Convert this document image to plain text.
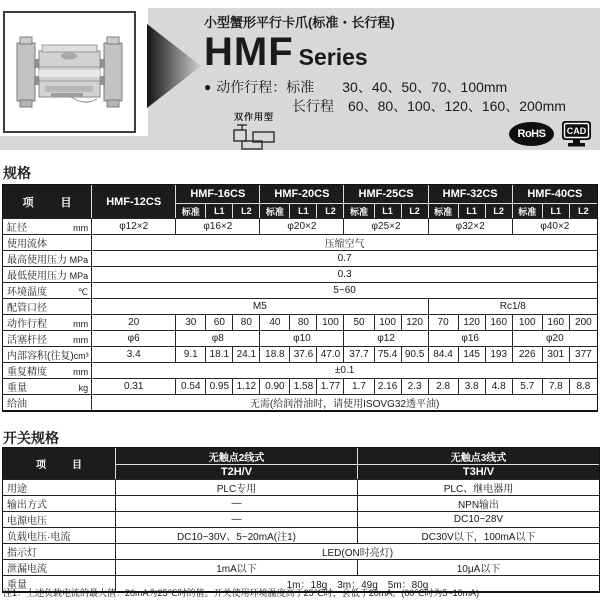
小型蟹形平行卡爪(标准・长行程)
HMF Series
● 动作行程：标准 30、40、50、70、100mm
长行程 60、80、100、120、160、200mm
双作用型
RoHS CAD
规格
项　目	HMF-12CS	HMF-16CS			HMF-20CS			HMF-25CS			HMF-32CS			HMF-40CS		
		标准	L1	L2	标准	L1	L2	标准	L1	L2	标准	L1	L2	标准	L1	L2

缸径 mm	φ12×2	φ16×2			φ20×2			φ25×2			φ32×2			φ40×2		

使用流体	压缩空气															

最高使用压力 MPa	0.7															

最低使用压力 MPa	0.3															

环境温度 ℃	5~60															

配管口径	M5										Rc1/8					

动作行程 mm	20	30	60	80	40	80	100	50	100	120	70	120	160	100	160	200

活塞杆径 mm	φ6	φ8			φ10			φ12			φ16			φ20		

内部容积(往复) cm³	3.4	9.1	18.1	24.1	18.8	37.6	47.0	37.7	75.4	90.5	84.4	145	193	226	301	377

重复精度 mm	±0.1															

重量 kg	0.31	0.54	0.95	1.12	0.90	1.58	1.77	1.7	2.16	2.3	2.8	3.8	4.8	5.7	7.8	8.8

给油	无需(给润滑油时，请使用ISOVG32透平油)															
开关规格
项　目	无触点2线式	无触点3线式
	T2H/V	T3H/V

用途	PLC专用	PLC、继电器用

输出方式	—	NPN输出

电源电压	—	DC10~28V

负载电压·电流	DC10~30V、5~20mA(注1)	DC30V以下，100mA以下

指示灯	LED(ON时亮灯)	

泄漏电流	1mA以下	10μA以下

重量	1m：18g　3m：49g　5m：80g	
注1：上述负载电流的最大值：20mA为25℃时的值。开关使用环境温度高于25℃时，会低于20mA。(60℃时为5~10mA)
